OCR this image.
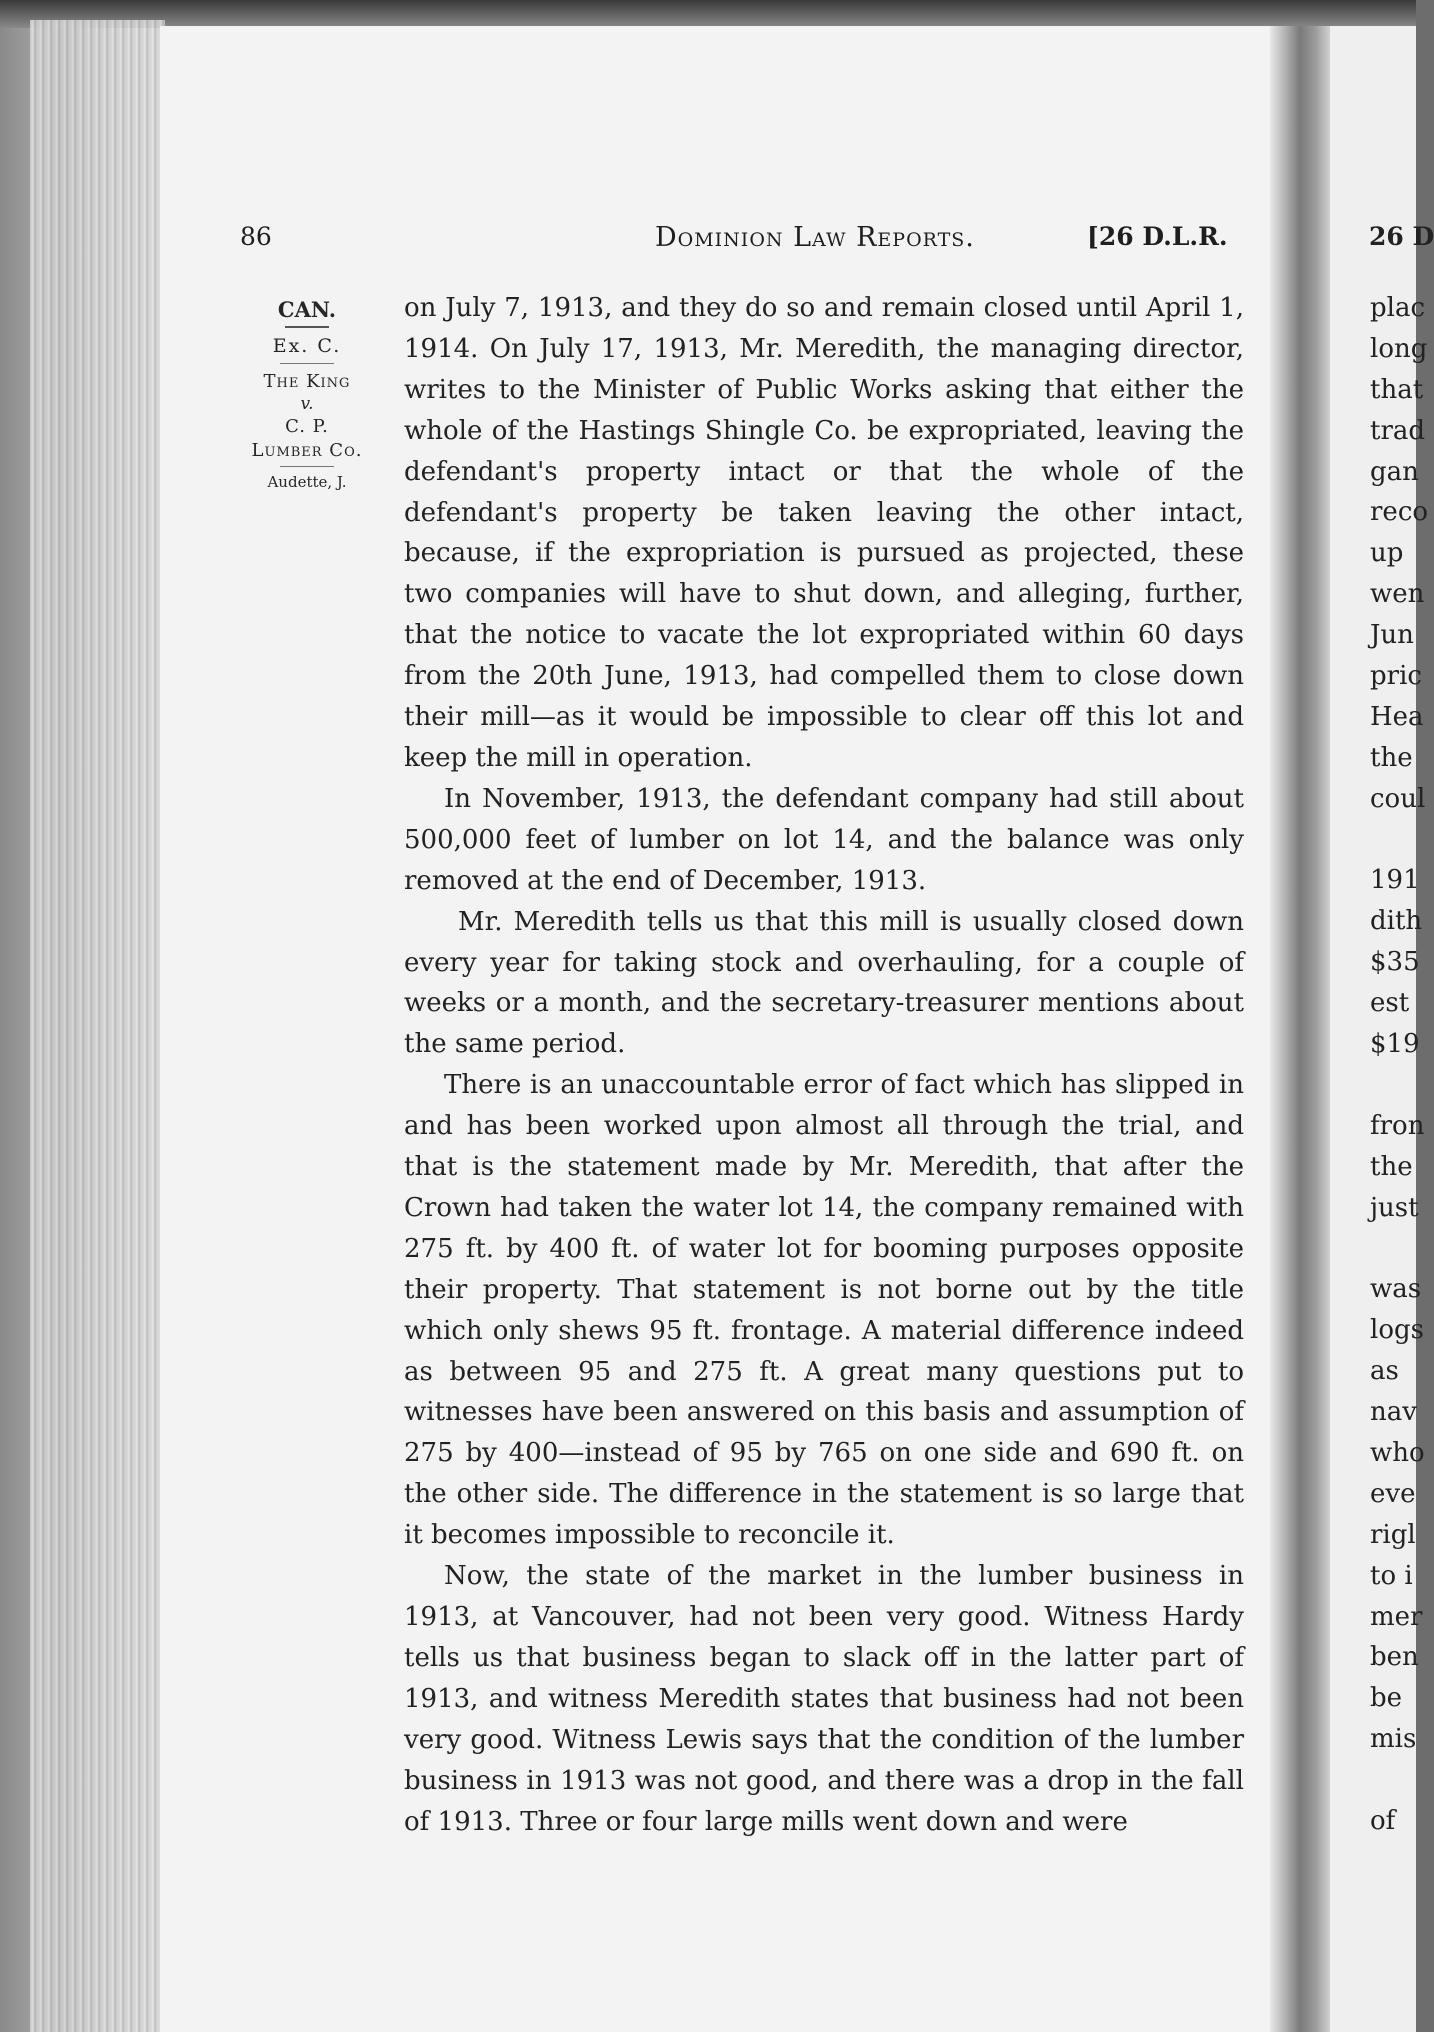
86	Dominion Law Reports.	[26 D.L.R.
CAN.
Ex. C.
The King
v.
C. P.
Lumber Co.
Audette, J.

on July 7, 1913, and they do so and remain closed until April 1, 1914. On July 17, 1913, Mr. Meredith, the managing director, writes to the Minister of Public Works asking that either the whole of the Hastings Shingle Co. be expropriated, leaving the defendant's property intact or that the whole of the defendant's property be taken leaving the other intact, because, if the expropriation is pursued as projected, these two companies will have to shut down, and alleging, further, that the notice to vacate the lot expropriated within 60 days from the 20th June, 1913, had compelled them to close down their mill—as it would be impossible to clear off this lot and keep the mill in operation.

In November, 1913, the defendant company had still about 500,000 feet of lumber on lot 14, and the balance was only removed at the end of December, 1913.

Mr. Meredith tells us that this mill is usually closed down every year for taking stock and overhauling, for a couple of weeks or a month, and the secretary-treasurer mentions about the same period.

There is an unaccountable error of fact which has slipped in and has been worked upon almost all through the trial, and that is the statement made by Mr. Meredith, that after the Crown had taken the water lot 14, the company remained with 275 ft. by 400 ft. of water lot for booming purposes opposite their property. That statement is not borne out by the title which only shews 95 ft. frontage. A material difference indeed as between 95 and 275 ft. A great many questions put to witnesses have been answered on this basis and assumption of 275 by 400—instead of 95 by 765 on one side and 690 ft. on the other side. The difference in the statement is so large that it becomes impossible to reconcile it.

Now, the state of the market in the lumber business in 1913, at Vancouver, had not been very good. Witness Hardy tells us that business began to slack off in the latter part of 1913, and witness Meredith states that business had not been very good. Witness Lewis says that the condition of the lumber business in 1913 was not good, and there was a drop in the fall of 1913. Three or four large mills went down and were

26 D
plac
long
that
trad
gan
reco
up
wen
Jun
pric
Hea
the
coul
191
dith
$35
est
$19
fron
the
just
was
logs
as
nav
who
eve
rigl
to i
mer
ben
be
mis
of
